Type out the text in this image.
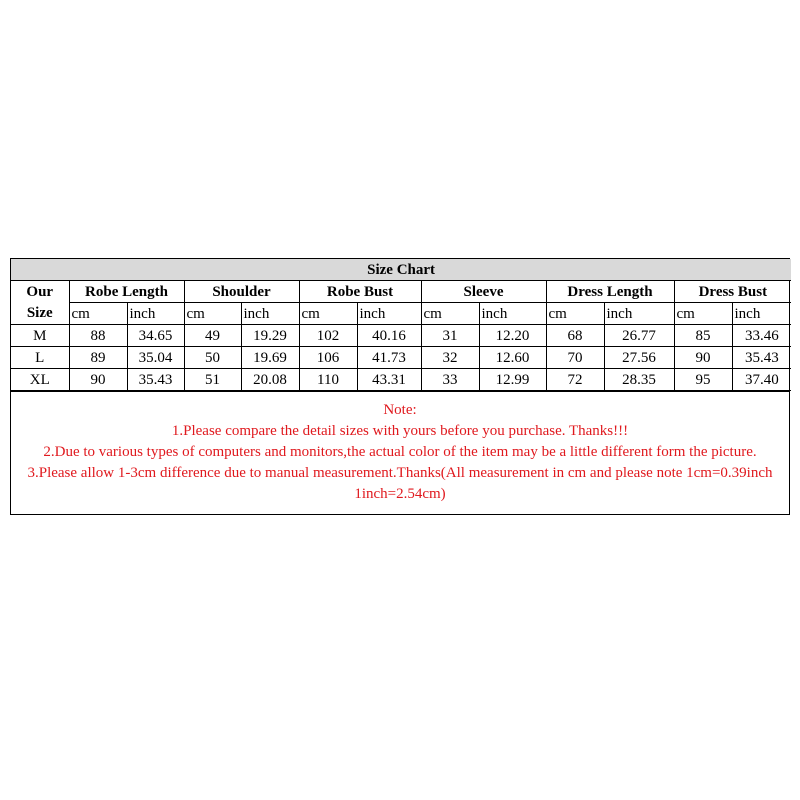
Size Chart												

Our
Size	Robe Length		Shoulder		Robe Bust		Sleeve		Dress Length		Dress Bust	
	cm	inch	cm	inch	cm	inch	cm	inch	cm	inch	cm	inch
M	88	34.65	49	19.29	102	40.16	31	12.20	68	26.77	85	33.46
L	89	35.04	50	19.69	106	41.73	32	12.60	70	27.56	90	35.43
XL	90	35.43	51	20.08	110	43.31	33	12.99	72	28.35	95	37.40
Note:
1.Please compare the detail sizes with yours before you purchase. Thanks!!!
2.Due to various types of computers and monitors,the actual color of the item may be a little different form the picture.
3.Please allow 1-3cm difference due to manual measurement.Thanks(All measurement in cm and please note 1cm=0.39inch 1inch=2.54cm)
